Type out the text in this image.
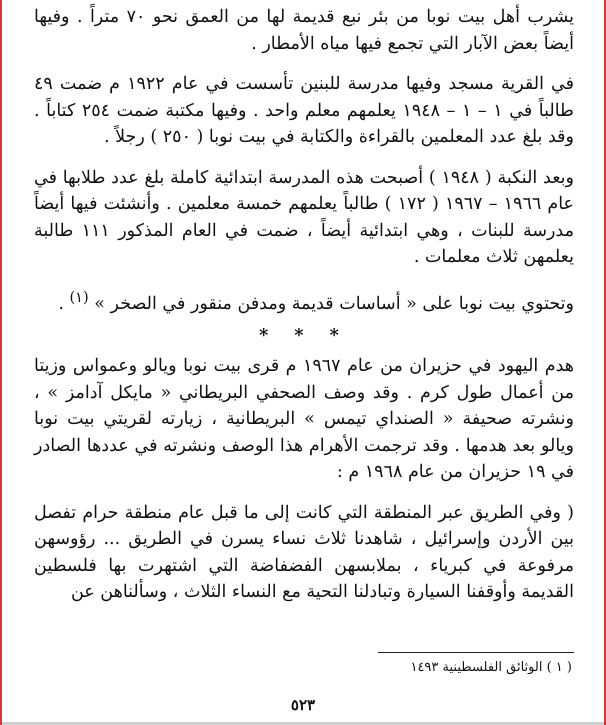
يشرب أهل بيت نوبا من بئر نبع قديمة لها من العمق نحو ٧٠ متراً . وفيها أيضاً بعض الآبار التي تجمع فيها مياه الأمطار .

في القرية مسجد وفيها مدرسة للبنين تأسست في عام ١٩٢٢ م ضمت ٤٩ طالباً في ١ – ١ – ١٩٤٨ يعلمهم معلم واحد . وفيها مكتبة ضمت ٢٥٤ كتاباً . وقد بلغ عدد المعلمين بالقراءة والكتابة في بيت نوبا ( ٢٥٠ ) رجلاً .

وبعد النكبة ( ١٩٤٨ ) أصبحت هذه المدرسة ابتدائية كاملة بلغ عدد طلابها في عام ١٩٦٦ – ١٩٦٧ ( ١٧٢ ) طالباً يعلمهم خمسة معلمين . وأنشئت فيها أيضاً مدرسة للبنات ، وهي ابتدائية أيضاً ، ضمت في العام المذكور ١١١ طالبة يعلمهن ثلاث معلمات .

وتحتوي بيت نوبا على « أساسات قديمة ومدفن منقور في الصخر » $^{(١)}$ .

* * *

هدم اليهود في حزيران من عام ١٩٦٧ م قرى بيت نوبا ويالو وعمواس وزيتا من أعمال طول كرم . وقد وصف الصحفي البريطاني « مايكل آدامز » ، ونشرته صحيفة « الصنداي تيمس » البريطانية ، زيارته لقريتي بيت نوبا ويالو بعد هدمها . وقد ترجمت الأهرام هذا الوصف ونشرته في عددها الصادر في ١٩ حزيران من عام ١٩٦٨ م :

( وفي الطريق عبر المنطقة التي كانت إلى ما قبل عام منطقة حرام تفصل بين الأردن وإسرائيل ، شاهدنا ثلاث نساء يسرن في الطريق ... رؤوسهن مرفوعة في كبرياء ، بملابسهن الفضفاضة التي اشتهرت بها فلسطين القديمة وأوقفنا السيارة وتبادلنا التحية مع النساء الثلاث ، وسألناهن عن

( ١ ) الوثائق الفلسطينية ١٤٩٣
٥٢٣
